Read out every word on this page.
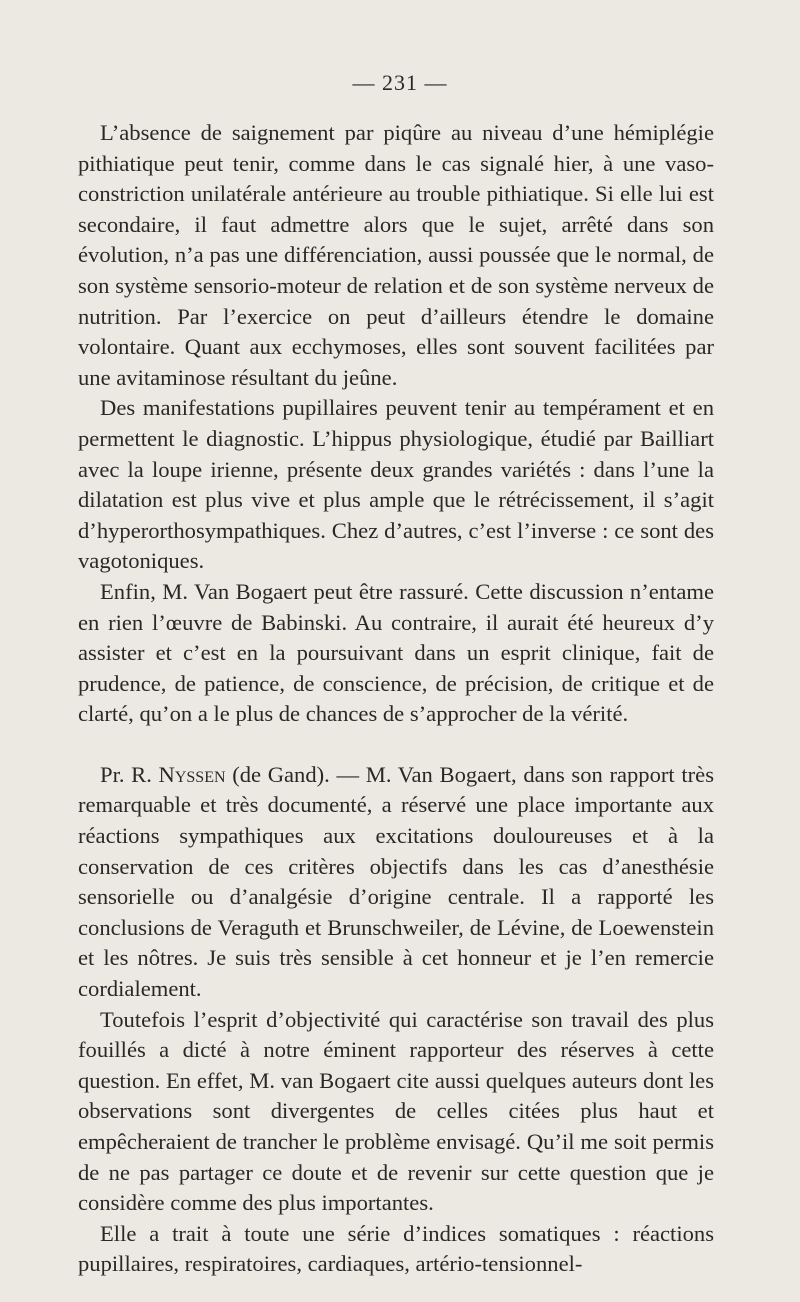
— 231 —

L’absence de saignement par piqûre au niveau d’une hémiplégie pithiatique peut tenir, comme dans le cas signalé hier, à une vaso-constriction unilatérale antérieure au trouble pithiatique. Si elle lui est secondaire, il faut admettre alors que le sujet, arrêté dans son évolution, n’a pas une différenciation, aussi poussée que le normal, de son système sensorio-moteur de relation et de son système nerveux de nutrition. Par l’exercice on peut d’ailleurs étendre le domaine volontaire. Quant aux ecchymoses, elles sont souvent facilitées par une avitaminose résultant du jeûne.

Des manifestations pupillaires peuvent tenir au tempérament et en permettent le diagnostic. L’hippus physiologique, étudié par Bailliart avec la loupe irienne, présente deux grandes variétés : dans l’une la dilatation est plus vive et plus ample que le rétrécissement, il s’agit d’hyperorthosympathiques. Chez d’autres, c’est l’inverse : ce sont des vagotoniques.

Enfin, M. Van Bogaert peut être rassuré. Cette discussion n’entame en rien l’œuvre de Babinski. Au contraire, il aurait été heureux d’y assister et c’est en la poursuivant dans un esprit clinique, fait de prudence, de patience, de conscience, de précision, de critique et de clarté, qu’on a le plus de chances de s’approcher de la vérité.

Pr. R. Nyssen (de Gand). — M. Van Bogaert, dans son rapport très remarquable et très documenté, a réservé une place importante aux réactions sympathiques aux excitations douloureuses et à la conservation de ces critères objectifs dans les cas d’anesthésie sensorielle ou d’analgésie d’origine centrale. Il a rapporté les conclusions de Veraguth et Brunschweiler, de Lévine, de Loewenstein et les nôtres. Je suis très sensible à cet honneur et je l’en remercie cordialement.

Toutefois l’esprit d’objectivité qui caractérise son travail des plus fouillés a dicté à notre éminent rapporteur des réserves à cette question. En effet, M. van Bogaert cite aussi quelques auteurs dont les observations sont divergentes de celles citées plus haut et empêcheraient de trancher le problème envisagé. Qu’il me soit permis de ne pas partager ce doute et de revenir sur cette question que je considère comme des plus importantes.

Elle a trait à toute une série d’indices somatiques : réactions pupillaires, respiratoires, cardiaques, artério-tensionnel-
